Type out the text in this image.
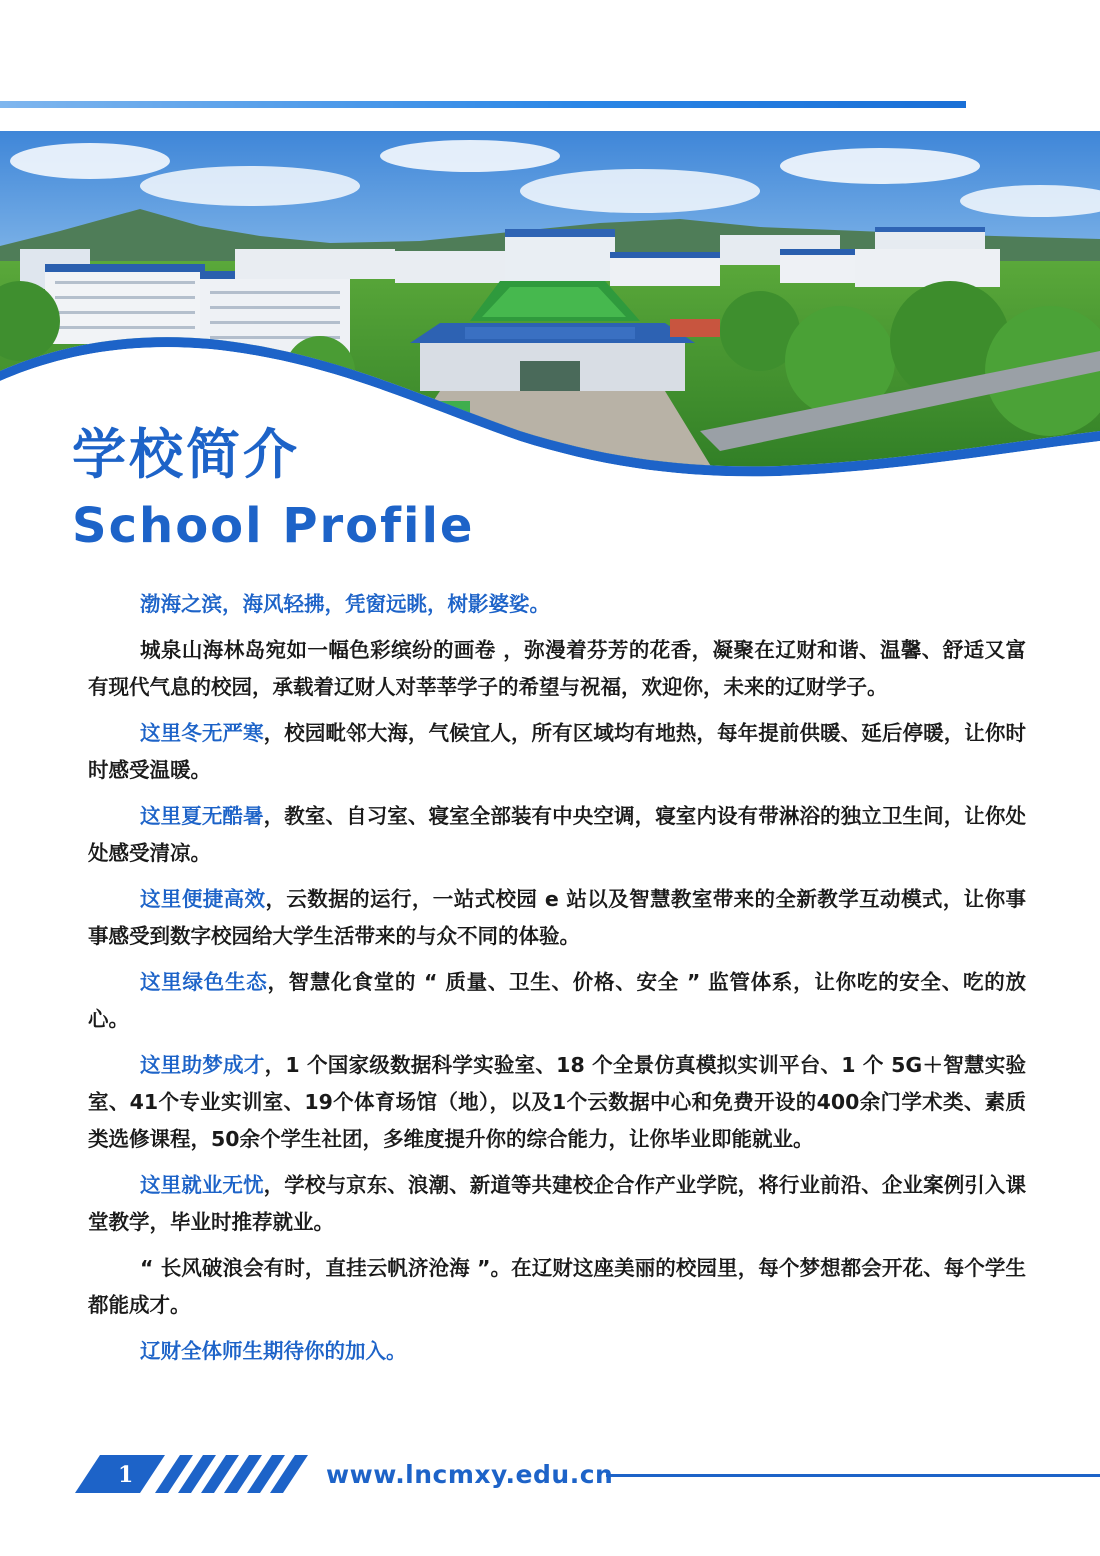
学校简介
School Profile

渤海之滨，海风轻拂，凭窗远眺，树影婆娑。

城泉山海林岛宛如一幅色彩缤纷的画卷 ，弥漫着芬芳的花香，凝聚在辽财和谐、温馨、舒适又富有现代气息的校园，承载着辽财人对莘莘学子的希望与祝福，欢迎你，未来的辽财学子。

这里冬无严寒，校园毗邻大海，气候宜人，所有区域均有地热，每年提前供暖、延后停暖，让你时时感受温暖。

这里夏无酷暑，教室、自习室、寝室全部装有中央空调，寝室内设有带淋浴的独立卫生间，让你处处感受清凉。

这里便捷高效，云数据的运行，一站式校园 e 站以及智慧教室带来的全新教学互动模式，让你事事感受到数字校园给大学生活带来的与众不同的体验。

这里绿色生态，智慧化食堂的 “ 质量、卫生、价格、安全 ” 监管体系，让你吃的安全、吃的放心。

这里助梦成才，1 个国家级数据科学实验室、18 个全景仿真模拟实训平台、1 个 5G＋智慧实验室、41个专业实训室、19个体育场馆（地），以及1个云数据中心和免费开设的400余门学术类、素质类选修课程，50余个学生社团，多维度提升你的综合能力，让你毕业即能就业。

这里就业无忧，学校与京东、浪潮、新道等共建校企合作产业学院，将行业前沿、企业案例引入课堂教学，毕业时推荐就业。

“ 长风破浪会有时，直挂云帆济沧海 ”。在辽财这座美丽的校园里，每个梦想都会开花、每个学生都能成才。

辽财全体师生期待你的加入。

1	www.lncmxy.edu.cn
